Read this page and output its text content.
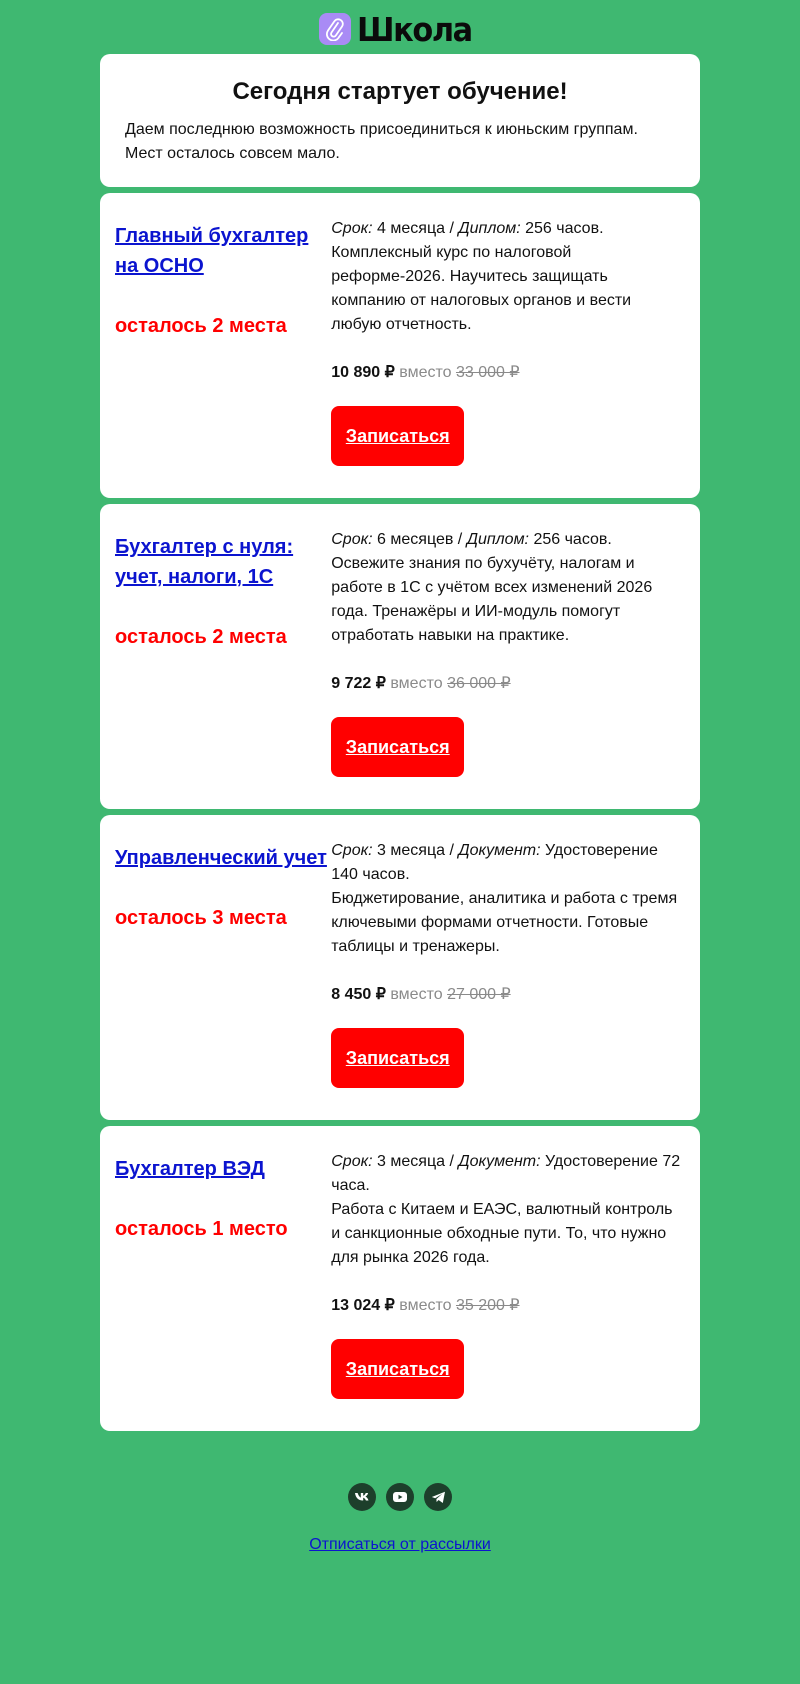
Школа
Сегодня стартует обучение!

Даем последнюю возможность присоединиться к июньским группам. Мест осталось совсем мало.

Главный бухгалтер на ОСНО
осталось 2 места
Срок: 4 месяца / Диплом: 256 часов.
Комплексный курс по налоговой реформе-2026. Научитесь защищать компанию от налоговых органов и вести любую отчетность.
10 890 ₽ вместо 33 000 ₽
Записаться
Бухгалтер с нуля: учет, налоги, 1С
осталось 2 места
Срок: 6 месяцев / Диплом: 256 часов.
Освежите знания по бухучёту, налогам и работе в 1С с учётом всех изменений 2026 года. Тренажёры и ИИ-модуль помогут отработать навыки на практике.
9 722 ₽ вместо 36 000 ₽
Записаться
Управленческий учет
осталось 3 места
Срок: 3 месяца / Документ: Удостоверение 140 часов.
Бюджетирование, аналитика и работа с тремя ключевыми формами отчетности. Готовые таблицы и тренажеры.
8 450 ₽ вместо 27 000 ₽
Записаться
Бухгалтер ВЭД
осталось 1 место
Срок: 3 месяца / Документ: Удостоверение 72 часа.
Работа с Китаем и ЕАЭС, валютный контроль и санкционные обходные пути. То, что нужно для рынка 2026 года.
13 024 ₽ вместо 35 200 ₽
Записаться
Отписаться от рассылки
